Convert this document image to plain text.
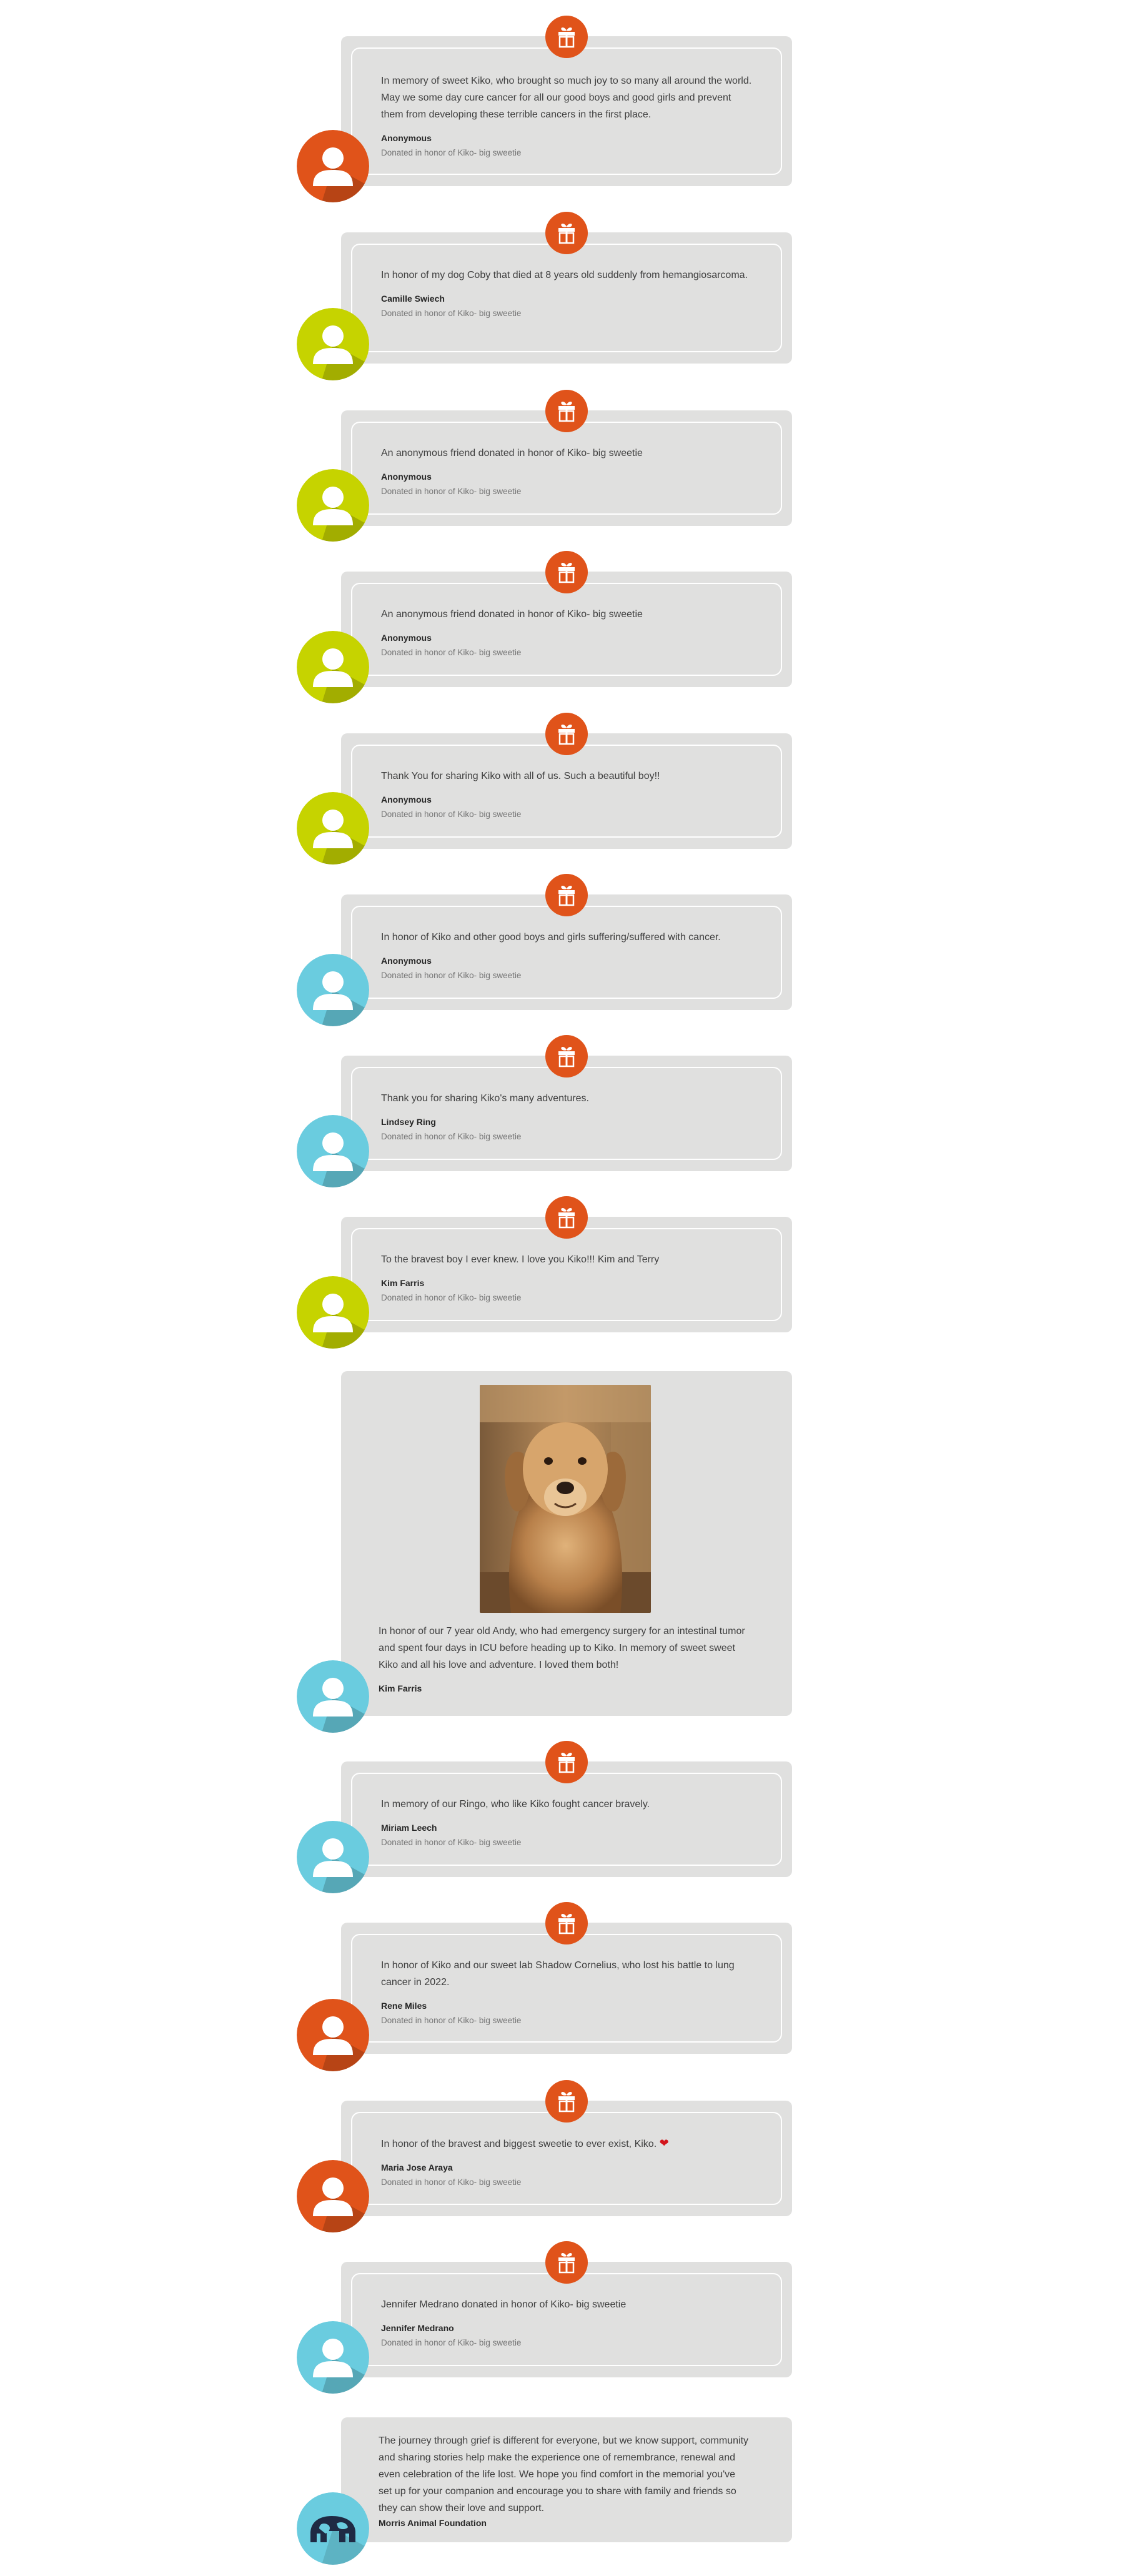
In memory of sweet Kiko, who brought so much joy to so many all around the world. May we some day cure cancer for all our good boys and good girls and prevent them from developing these terrible cancers in the first place.

Anonymous
Donated in honor of Kiko- big sweetie

In honor of my dog Coby that died at 8 years old suddenly from hemangiosarcoma.

Camille Swiech
Donated in honor of Kiko- big sweetie

An anonymous friend donated in honor of Kiko- big sweetie

Anonymous
Donated in honor of Kiko- big sweetie

An anonymous friend donated in honor of Kiko- big sweetie

Anonymous
Donated in honor of Kiko- big sweetie

Thank You for sharing Kiko with all of us. Such a beautiful boy!!

Anonymous
Donated in honor of Kiko- big sweetie

In honor of Kiko and other good boys and girls suffering/suffered with cancer.

Anonymous
Donated in honor of Kiko- big sweetie

Thank you for sharing Kiko's many adventures.

Lindsey Ring
Donated in honor of Kiko- big sweetie

To the bravest boy I ever knew. I love you Kiko!!! Kim and Terry

Kim Farris
Donated in honor of Kiko- big sweetie

In honor of our 7 year old Andy, who had emergency surgery for an intestinal tumor and spent four days in ICU before heading up to Kiko. In memory of sweet sweet Kiko and all his love and adventure. I loved them both!

Kim Farris

In memory of our Ringo, who like Kiko fought cancer bravely.

Miriam Leech
Donated in honor of Kiko- big sweetie

In honor of Kiko and our sweet lab Shadow Cornelius, who lost his battle to lung cancer in 2022.

Rene Miles
Donated in honor of Kiko- big sweetie

In honor of the bravest and biggest sweetie to ever exist, Kiko. ❤

Maria Jose Araya
Donated in honor of Kiko- big sweetie

Jennifer Medrano donated in honor of Kiko- big sweetie

Jennifer Medrano
Donated in honor of Kiko- big sweetie

The journey through grief is different for everyone, but we know support, community and sharing stories help make the experience one of remembrance, renewal and even celebration of the life lost. We hope you find comfort in the memorial you've set up for your companion and encourage you to share with family and friends so they can show their love and support.

Morris Animal Foundation
